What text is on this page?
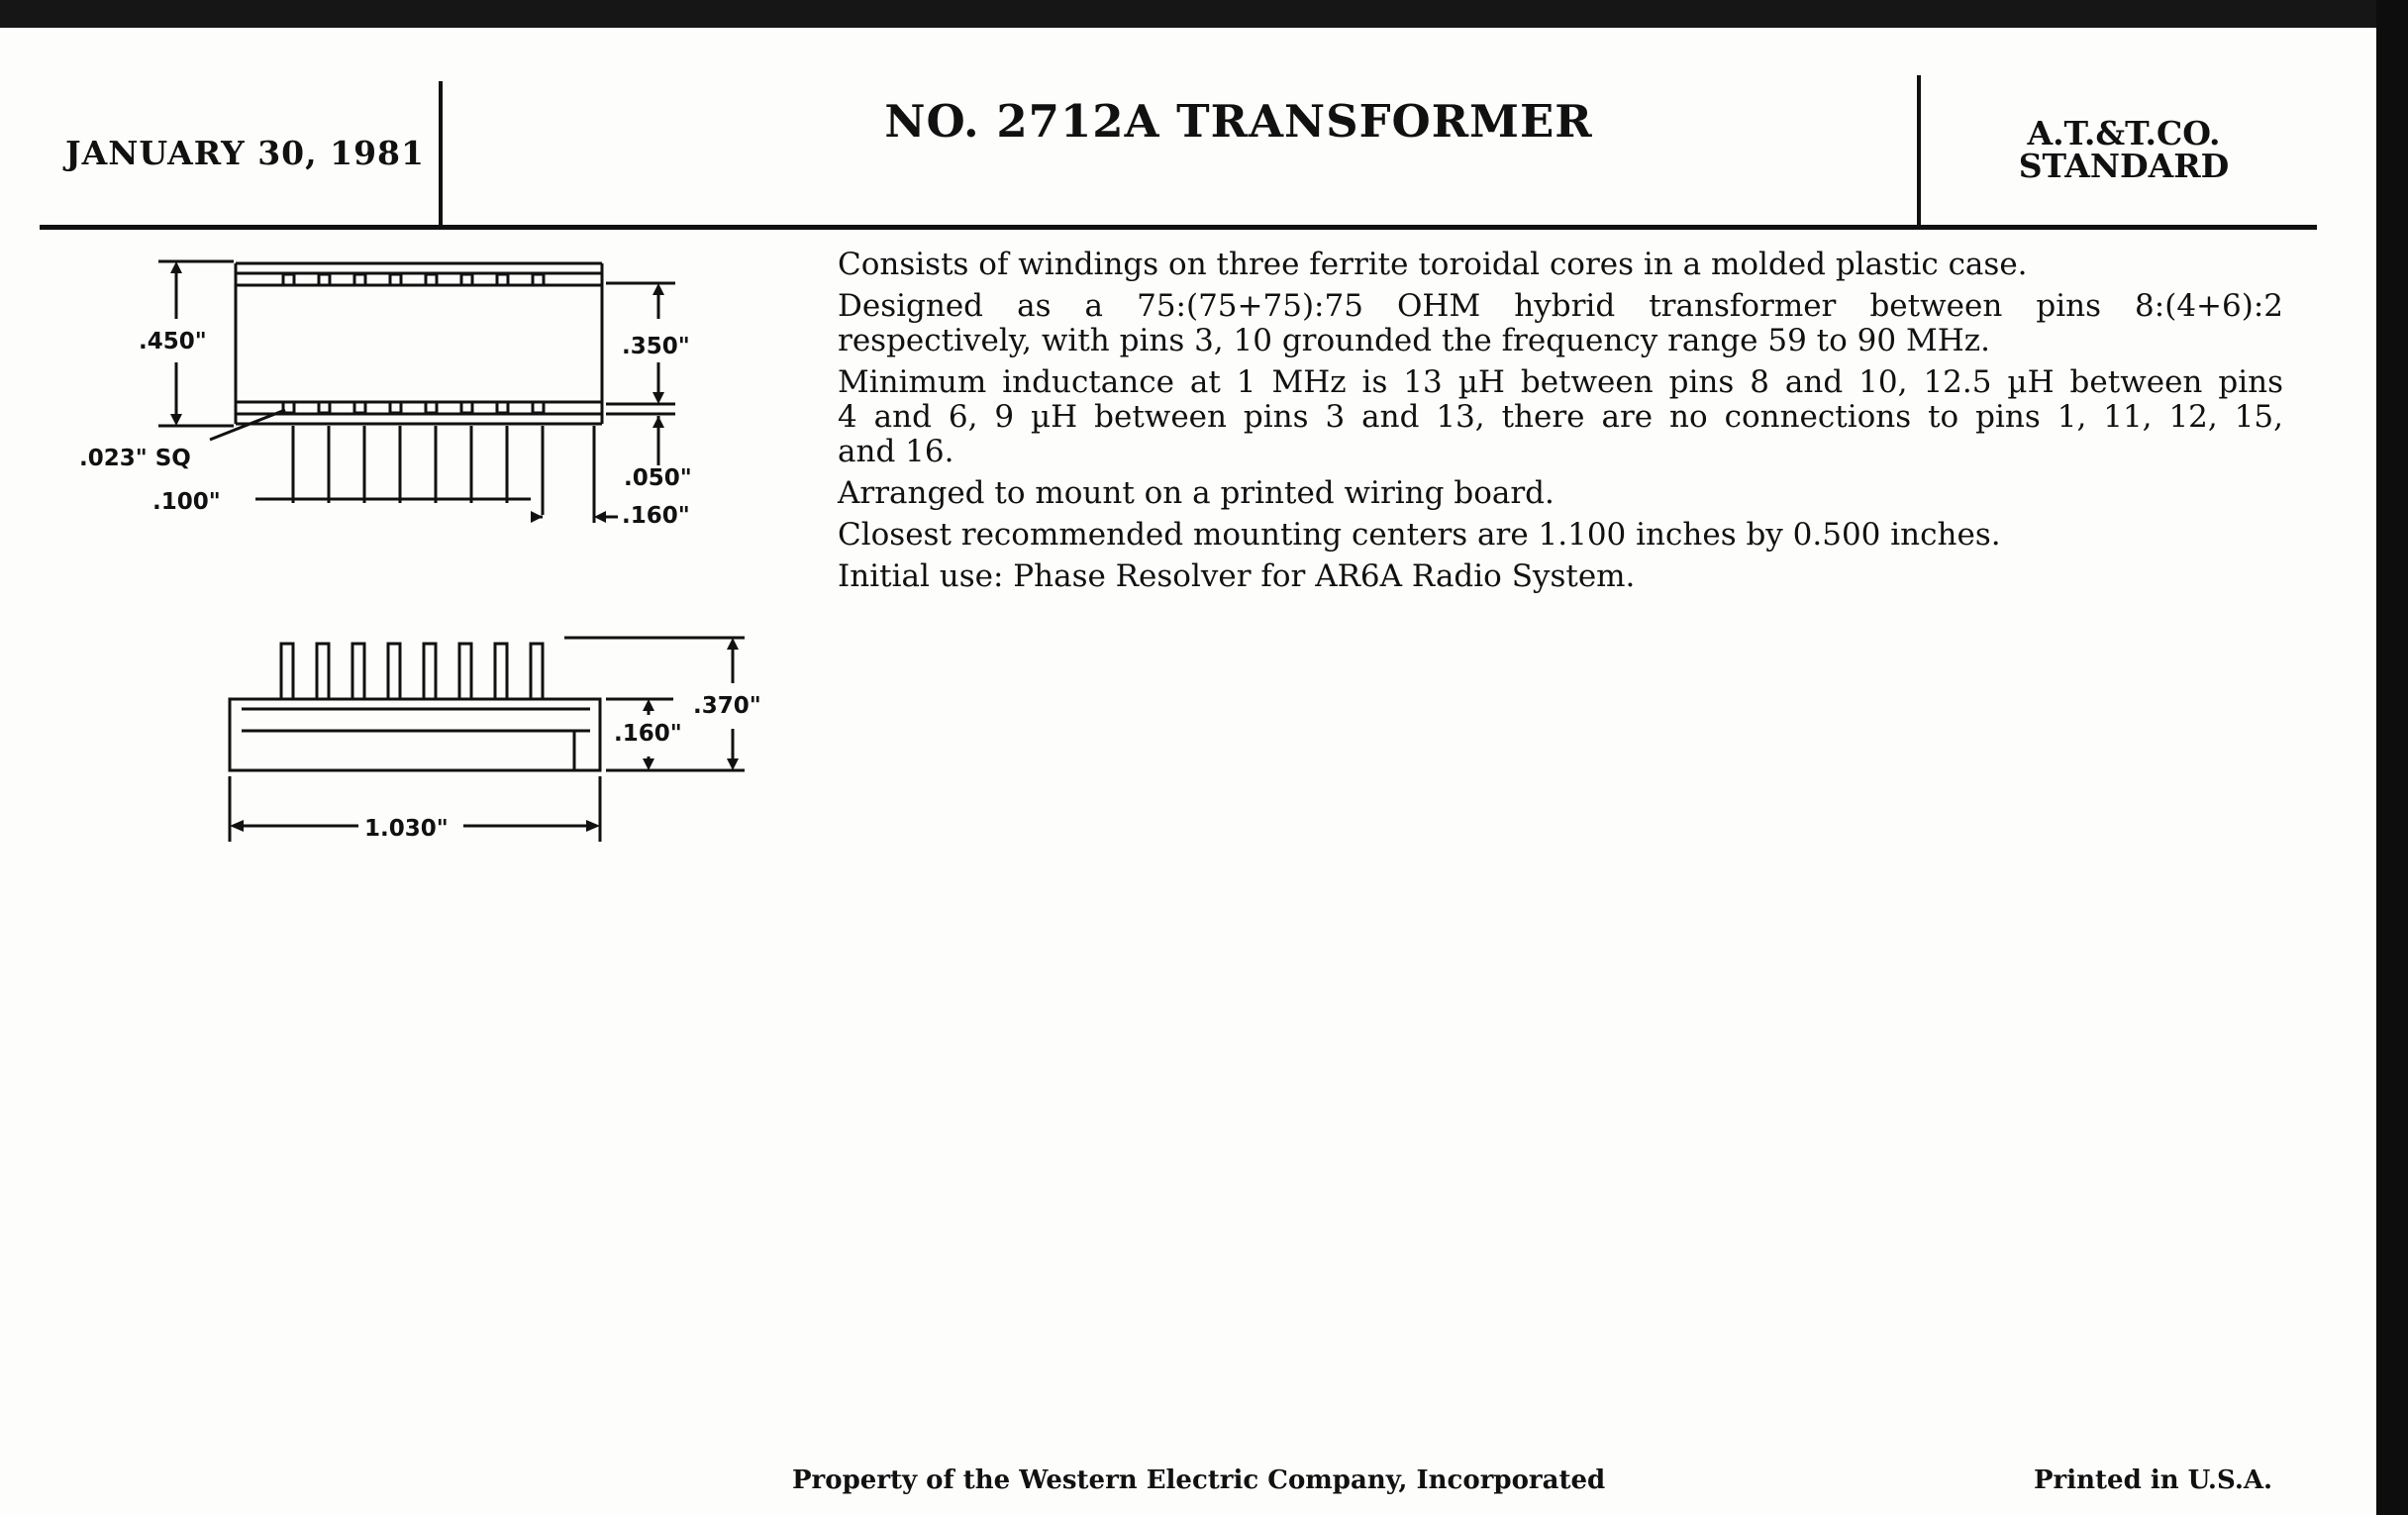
JANUARY 30, 1981
NO. 2712A TRANSFORMER	A.T.&T.CO.
STANDARD

Consists of windings on three ferrite toroidal cores in a molded plastic case.

Designed as a 75:(75+75):75 OHM hybrid transformer between pins 8:(4+6):2
respectively, with pins 3, 10 grounded the frequency range 59 to 90 MHz.

Minimum inductance at 1 MHz is 13 µH between pins 8 and 10, 12.5 µH between pins
4 and 6, 9 µH between pins 3 and 13, there are no connections to pins 1, 11, 12, 15,
and 16.

Arranged to mount on a printed wiring board.

Closest recommended mounting centers are 1.100 inches by 0.500 inches.

Initial use: Phase Resolver for AR6A Radio System.

.450"	.350"
.023" SQ
.100"
.050"
.160"
.370"
.160"
1.030"
Property of the Western Electric Company, Incorporated	Printed in U.S.A.
